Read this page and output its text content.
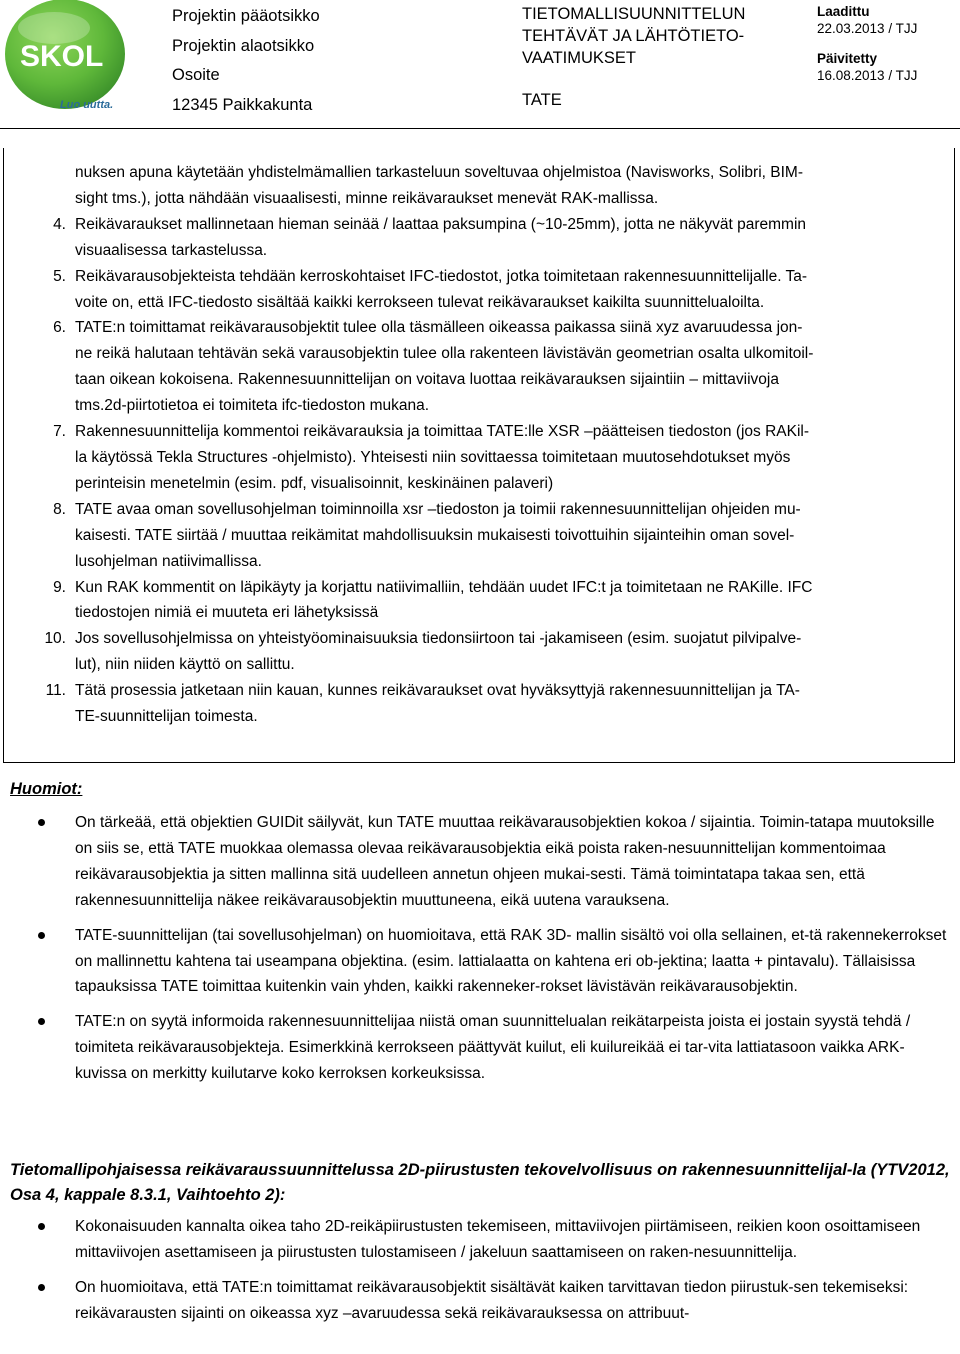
SKOL
Luo uutta.
Projektin pääotsikko
Projektin alaotsikko
Osoite
12345 Paikkakunta
TIETOMALLISUUNNITTELUN
TEHTÄVÄT JA LÄHTÖTIETO-
VAATIMUKSET
TATE
Laadittu
22.03.2013 / TJJ
Päivitetty
16.08.2013 / TJJ

nuksen apuna käytetään yhdistelmämallien tarkasteluun soveltuvaa ohjelmistoa (Navisworks, Solibri, BIM-

sight tms.), jotta nähdään visuaalisesti, minne reikävaraukset menevät RAK-mallissa.

4. Reikävaraukset mallinnetaan hieman seinää / laattaa paksumpina (~10-25mm), jotta ne näkyvät paremmin
visuaalisessa tarkastelussa.
5. Reikävarausobjekteista tehdään kerroskohtaiset IFC-tiedostot, jotka toimitetaan rakennesuunnittelijalle. Ta-
voite on, että IFC-tiedosto sisältää kaikki kerrokseen tulevat reikävaraukset kaikilta suunnittelualoilta.
6. TATE:n toimittamat reikävarausobjektit tulee olla täsmälleen oikeassa paikassa siinä xyz avaruudessa jon-
ne reikä halutaan tehtävän sekä varausobjektin tulee olla rakenteen lävistävän geometrian osalta ulkomitoil-
taan oikean kokoisena. Rakennesuunnittelijan on voitava luottaa reikävarauksen sijaintiin – mittaviivoja
tms.2d-piirtotietoa ei toimiteta ifc-tiedoston mukana.
7. Rakennesuunnittelija kommentoi reikävarauksia ja toimittaa TATE:lle XSR –päätteisen tiedoston (jos RAKil-
la käytössä Tekla Structures -ohjelmisto). Yhteisesti niin sovittaessa toimitetaan muutosehdotukset myös
perinteisin menetelmin (esim. pdf, visualisoinnit, keskinäinen palaveri)
8. TATE avaa oman sovellusohjelman toiminnoilla xsr –tiedoston ja toimii rakennesuunnittelijan ohjeiden mu-
kaisesti. TATE siirtää / muuttaa reikämitat mahdollisuuksin mukaisesti toivottuihin sijainteihin oman sovel-
lusohjelman natiivimallissa.
9. Kun RAK kommentit on läpikäyty ja korjattu natiivimalliin, tehdään uudet IFC:t ja toimitetaan ne RAKille. IFC
tiedostojen nimiä ei muuteta eri lähetyksissä
10. Jos sovellusohjelmissa on yhteistyöominaisuuksia tiedonsiirtoon tai -jakamiseen (esim. suojatut pilvipalve-
lut), niin niiden käyttö on sallittu.
11. Tätä prosessia jatketaan niin kauan, kunnes reikävaraukset ovat hyväksyttyjä rakennesuunnittelijan ja TA-
TE-suunnittelijan toimesta.
Huomiot:
On tärkeää, että objektien GUIDit säilyvät, kun TATE muuttaa reikävarausobjektien kokoa / sijaintia. Toimin-tatapa muutoksille on siis se, että TATE muokkaa olemassa olevaa reikävarausobjektia eikä poista raken-nesuunnittelijan kommentoimaa reikävarausobjektia ja sitten mallinna sitä uudelleen annetun ohjeen mukai-sesti. Tämä toimintatapa takaa sen, että rakennesuunnittelija näkee reikävarausobjektin muuttuneena, eikä uutena varauksena.
TATE-suunnittelijan (tai sovellusohjelman) on huomioitava, että RAK 3D- mallin sisältö voi olla sellainen, et-tä rakennekerrokset on mallinnettu kahtena tai useampana objektina. (esim. lattialaatta on kahtena eri ob-jektina; laatta + pintavalu). Tällaisissa tapauksissa TATE toimittaa kuitenkin vain yhden, kaikki rakenneker-rokset lävistävän reikävarausobjektin.
TATE:n on syytä informoida rakennesuunnittelijaa niistä oman suunnittelualan reikätarpeista joista ei jostain syystä tehdä / toimiteta reikävarausobjekteja. Esimerkkinä kerrokseen päättyvät kuilut, eli kuilureikää ei tar-vita lattiatasoon vaikka ARK-kuvissa on merkitty kuilutarve koko kerroksen korkeuksissa.
Tietomallipohjaisessa reikävaraussuunnittelussa 2D-piirustusten tekovelvollisuus on rakennesuunnittelijal-la (YTV2012, Osa 4, kappale 8.3.1, Vaihtoehto 2):
Kokonaisuuden kannalta oikea taho 2D-reikäpiirustusten tekemiseen, mittaviivojen piirtämiseen, reikien koon osoittamiseen mittaviivojen asettamiseen ja piirustusten tulostamiseen / jakeluun saattamiseen on raken-nesuunnittelija.
On huomioitava, että TATE:n toimittamat reikävarausobjektit sisältävät kaiken tarvittavan tiedon piirustuk-sen tekemiseksi: reikävarausten sijainti on oikeassa xyz –avaruudessa sekä reikävarauksessa on attribuut-
